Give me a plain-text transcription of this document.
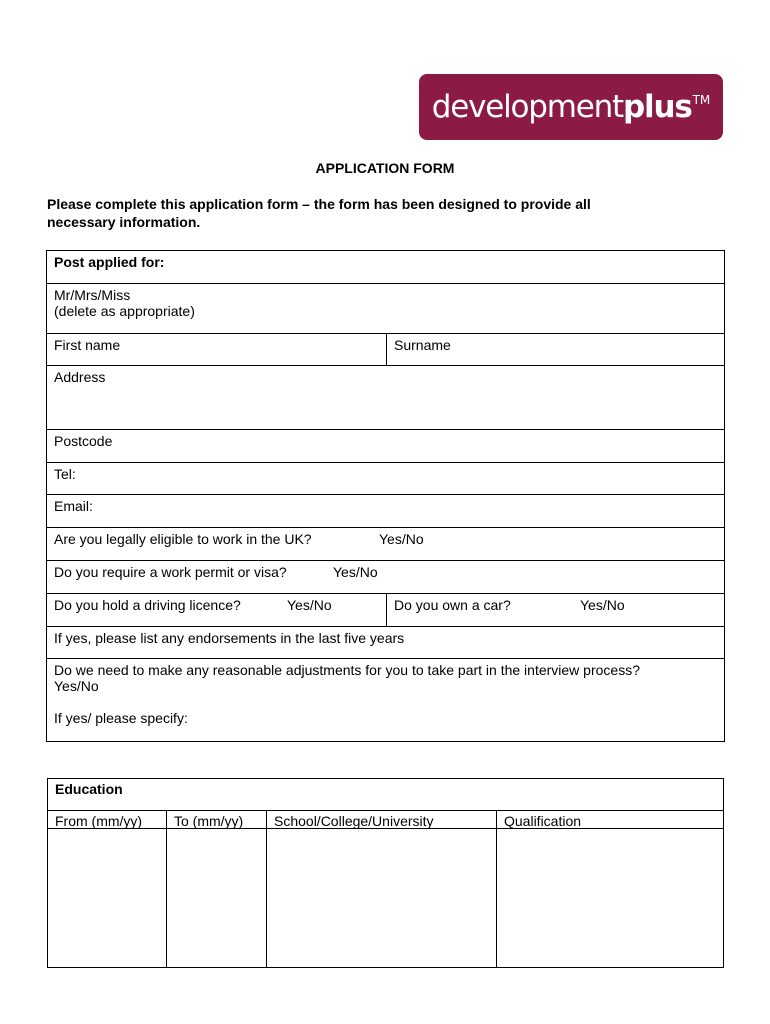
development plus™
APPLICATION FORM
Please complete this application form – the form has been designed to provide all
necessary information.
Post applied for:
Mr/Mrs/Miss
(delete as appropriate)
First name	Surname
Address
Postcode
Tel:
Email:
Are you legally eligible to work in the UK?	Yes/No
Do you require a work permit or visa?	Yes/No
Do you hold a driving licence?	Yes/No	Do you own a car?	Yes/No
If yes, please list any endorsements in the last five years
Do we need to make any reasonable adjustments for you to take part in the interview process?
Yes/No
If yes/ please specify:
Education
From (mm/yy)	To (mm/yy)	School/College/University	Qualification
